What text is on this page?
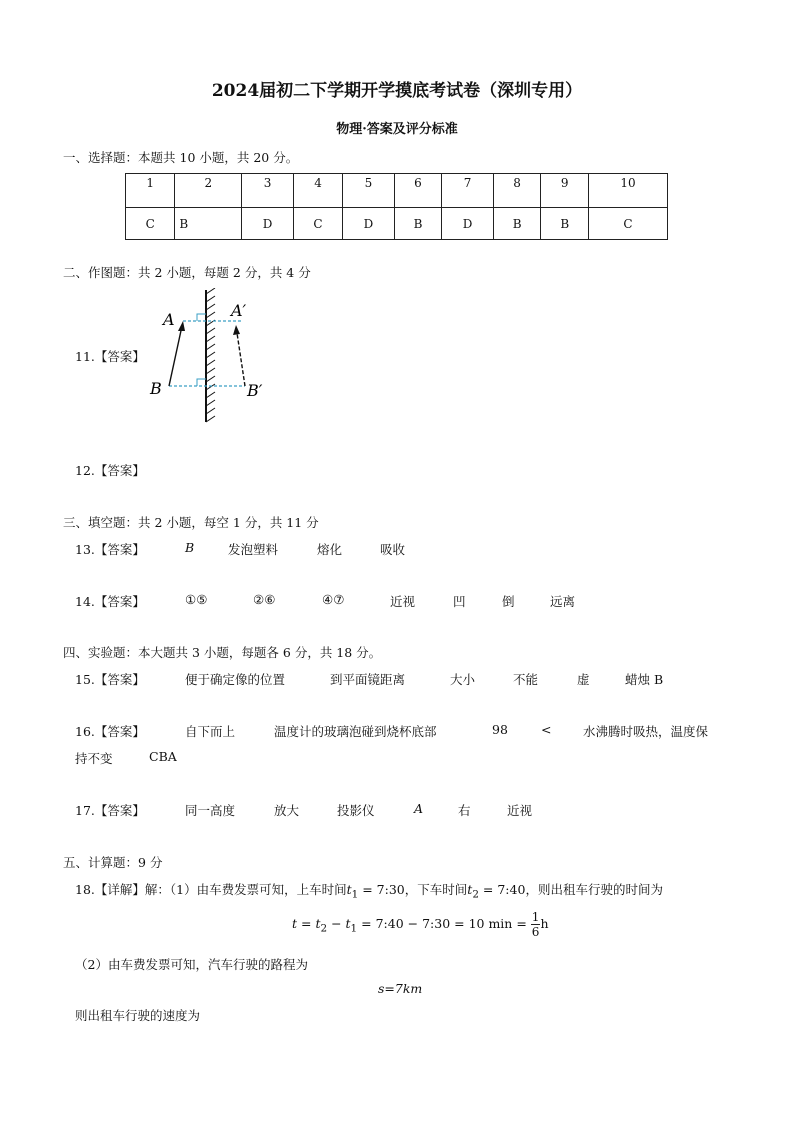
2024届初二下学期开学摸底考试卷（深圳专用）
物理·答案及评分标准
一、选择题：本题共 10 小题，共 20 分。
1	2	3	4	5	6	7	8	9	10
C	B	D	C	D	B	D	B	B	C
二、作图题：共 2 小题，每题 2 分，共 4 分
11.【答案】
A	A′
B	B′
12.【答案】
三、填空题：共 2 小题，每空 1 分，共 11 分
13.【答案】	B	发泡塑料	熔化	吸收
14.【答案】	①⑤	②⑥	④⑦	近视	凹	倒	远离
四、实验题：本大题共 3 小题，每题各 6 分，共 18 分。
15.【答案】	便于确定像的位置	到平面镜距离	大小	不能	虚	蜡烛 B
16.【答案】	自下而上	温度计的玻璃泡碰到烧杯底部	98	<	水沸腾时吸热，温度保
持不变	CBA
17.【答案】	同一高度	放大	投影仪	A	右	近视
五、计算题：9 分
18.【详解】解：（1）由车费发票可知，上车时间$t_1$ = 7:30，下车时间$t_2$ = 7:40，则出租车行驶的时间为
$t = t_2 - t_1$ = 7:40 − 7:30 = 10 $\min = \frac{1}{6}$ h
（2）由车费发票可知，汽车行驶的路程为
s=7km
则出租车行驶的速度为
